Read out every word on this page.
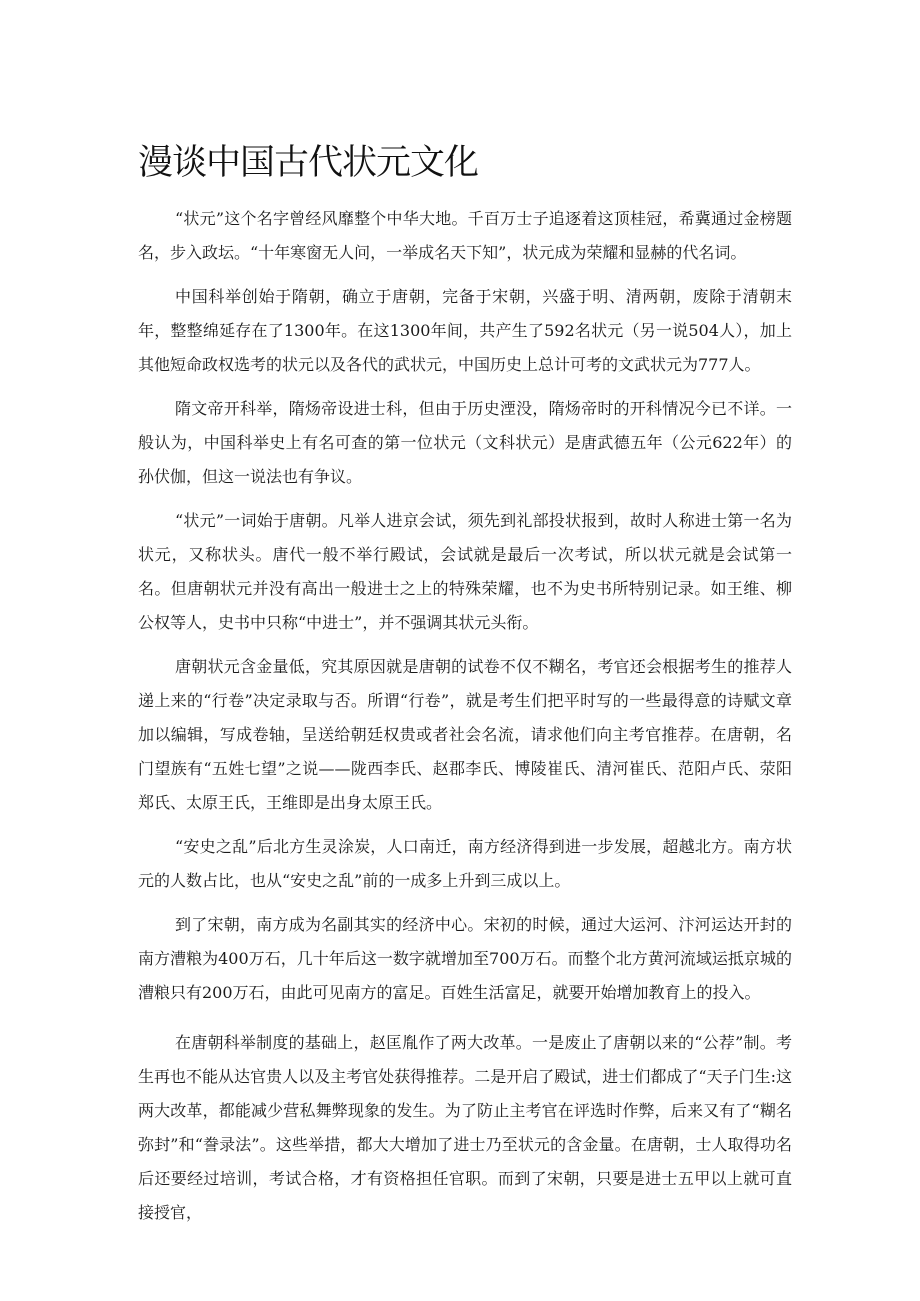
漫谈中国古代状元文化

“状元”这个名字曾经风靡整个中华大地。千百万士子追逐着这顶桂冠，希冀通过金榜题名，步入政坛。“十年寒窗无人问，一举成名天下知”，状元成为荣耀和显赫的代名词。

中国科举创始于隋朝，确立于唐朝，完备于宋朝，兴盛于明、清两朝，废除于清朝末年，整整绵延存在了1300年。在这1300年间，共产生了592名状元（另一说504人），加上其他短命政权选考的状元以及各代的武状元，中国历史上总计可考的文武状元为777人。

隋文帝开科举，隋炀帝设进士科，但由于历史湮没，隋炀帝时的开科情况今已不详。一般认为，中国科举史上有名可查的第一位状元（文科状元）是唐武德五年（公元622年）的孙伏伽，但这一说法也有争议。

“状元”一词始于唐朝。凡举人进京会试，须先到礼部投状报到，故时人称进士第一名为状元，又称状头。唐代一般不举行殿试，会试就是最后一次考试，所以状元就是会试第一名。但唐朝状元并没有高出一般进士之上的特殊荣耀，也不为史书所特别记录。如王维、柳公权等人，史书中只称“中进士”，并不强调其状元头衔。

唐朝状元含金量低，究其原因就是唐朝的试卷不仅不糊名，考官还会根据考生的推荐人递上来的“行卷”决定录取与否。所谓“行卷”，就是考生们把平时写的一些最得意的诗赋文章加以编辑，写成卷轴，呈送给朝廷权贵或者社会名流，请求他们向主考官推荐。在唐朝，名门望族有“五姓七望”之说——陇西李氏、赵郡李氏、博陵崔氏、清河崔氏、范阳卢氏、荥阳郑氏、太原王氏，王维即是出身太原王氏。

“安史之乱”后北方生灵涂炭，人口南迁，南方经济得到进一步发展，超越北方。南方状元的人数占比，也从“安史之乱”前的一成多上升到三成以上。

到了宋朝，南方成为名副其实的经济中心。宋初的时候，通过大运河、汴河运达开封的南方漕粮为400万石，几十年后这一数字就增加至700万石。而整个北方黄河流域运抵京城的漕粮只有200万石，由此可见南方的富足。百姓生活富足，就要开始增加教育上的投入。

在唐朝科举制度的基础上，赵匡胤作了两大改革。一是废止了唐朝以来的“公荐”制。考生再也不能从达官贵人以及主考官处获得推荐。二是开启了殿试，进士们都成了“天子门生:这两大改革，都能减少营私舞弊现象的发生。为了防止主考官在评选时作弊，后来又有了“糊名弥封”和“誊录法”。这些举措，都大大增加了进士乃至状元的含金量。在唐朝，士人取得功名后还要经过培训，考试合格，才有资格担任官职。而到了宋朝，只要是进士五甲以上就可直接授官，
